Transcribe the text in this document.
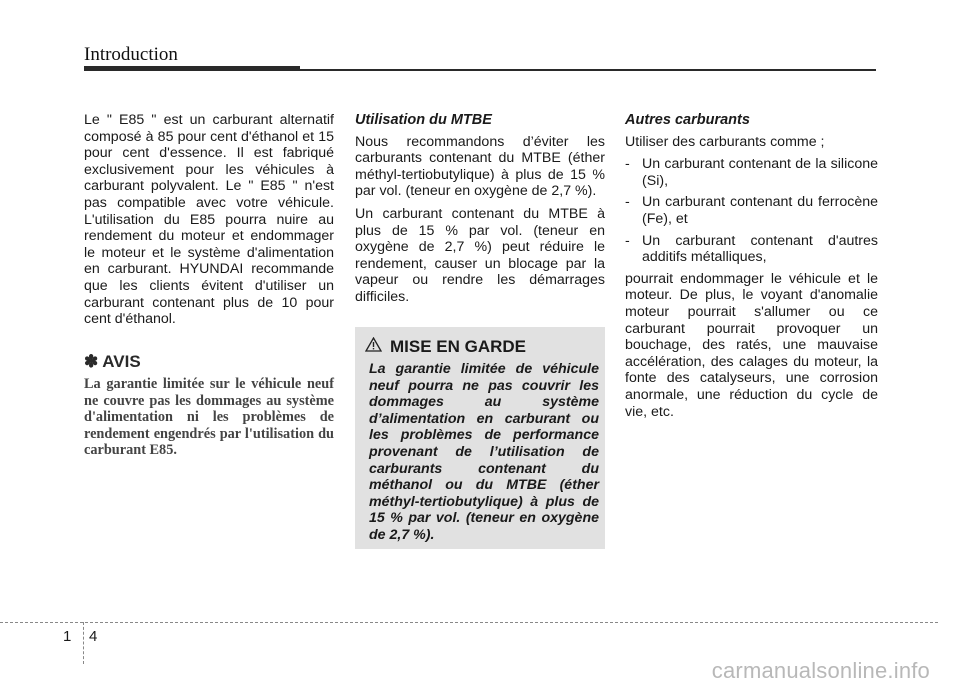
Introduction

Le " E85 " est un carburant alternatif composé à 85 pour cent d'éthanol et 15 pour cent d'essence. Il est fabriqué exclusivement pour les véhicules à carburant polyvalent. Le " E85 " n'est pas compatible avec votre véhicule. L'utilisation du E85 pourra nuire au rendement du moteur et endommager le moteur et le système d'alimentation en carburant. HYUNDAI recommande que les clients évitent d'utiliser un carburant contenant plus de 10 pour cent d'éthanol.

✽ AVIS
La garantie limitée sur le véhicule neuf ne couvre pas les dommages au système d'alimentation ni les problèmes de rendement engendrés par l'utilisation du carburant E85.
Utilisation du MTBE

Nous recommandons d’éviter les carburants contenant du MTBE (éther méthyl-tertiobutylique) à plus de 15 % par vol. (teneur en oxygène de 2,7 %).

Un carburant contenant du MTBE à plus de 15 % par vol. (teneur en oxygène de 2,7 %) peut réduire le rendement, causer un blocage par la vapeur ou rendre les démarrages difficiles.

MISE EN GARDE
La garantie limitée de véhicule neuf pourra ne pas couvrir les dommages au système d’alimentation en carburant ou les problèmes de performance provenant de l’utilisation de carburants contenant du méthanol ou du MTBE (éther méthyl-tertiobutylique) à plus de 15 % par vol. (teneur en oxygène de 2,7 %).
Autres carburants

Utiliser des carburants comme ;

- Un carburant contenant de la silicone (Si),
- Un carburant contenant du ferrocène (Fe), et
- Un carburant contenant d'autres additifs métalliques,

pourrait endommager le véhicule et le moteur. De plus, le voyant d'anomalie moteur pourrait s'allumer ou ce carburant pourrait provoquer un bouchage, des ratés, une mauvaise accélération, des calages du moteur, la fonte des catalyseurs, une corrosion anormale, une réduction du cycle de vie, etc.

1 4
carmanualsonline.info
